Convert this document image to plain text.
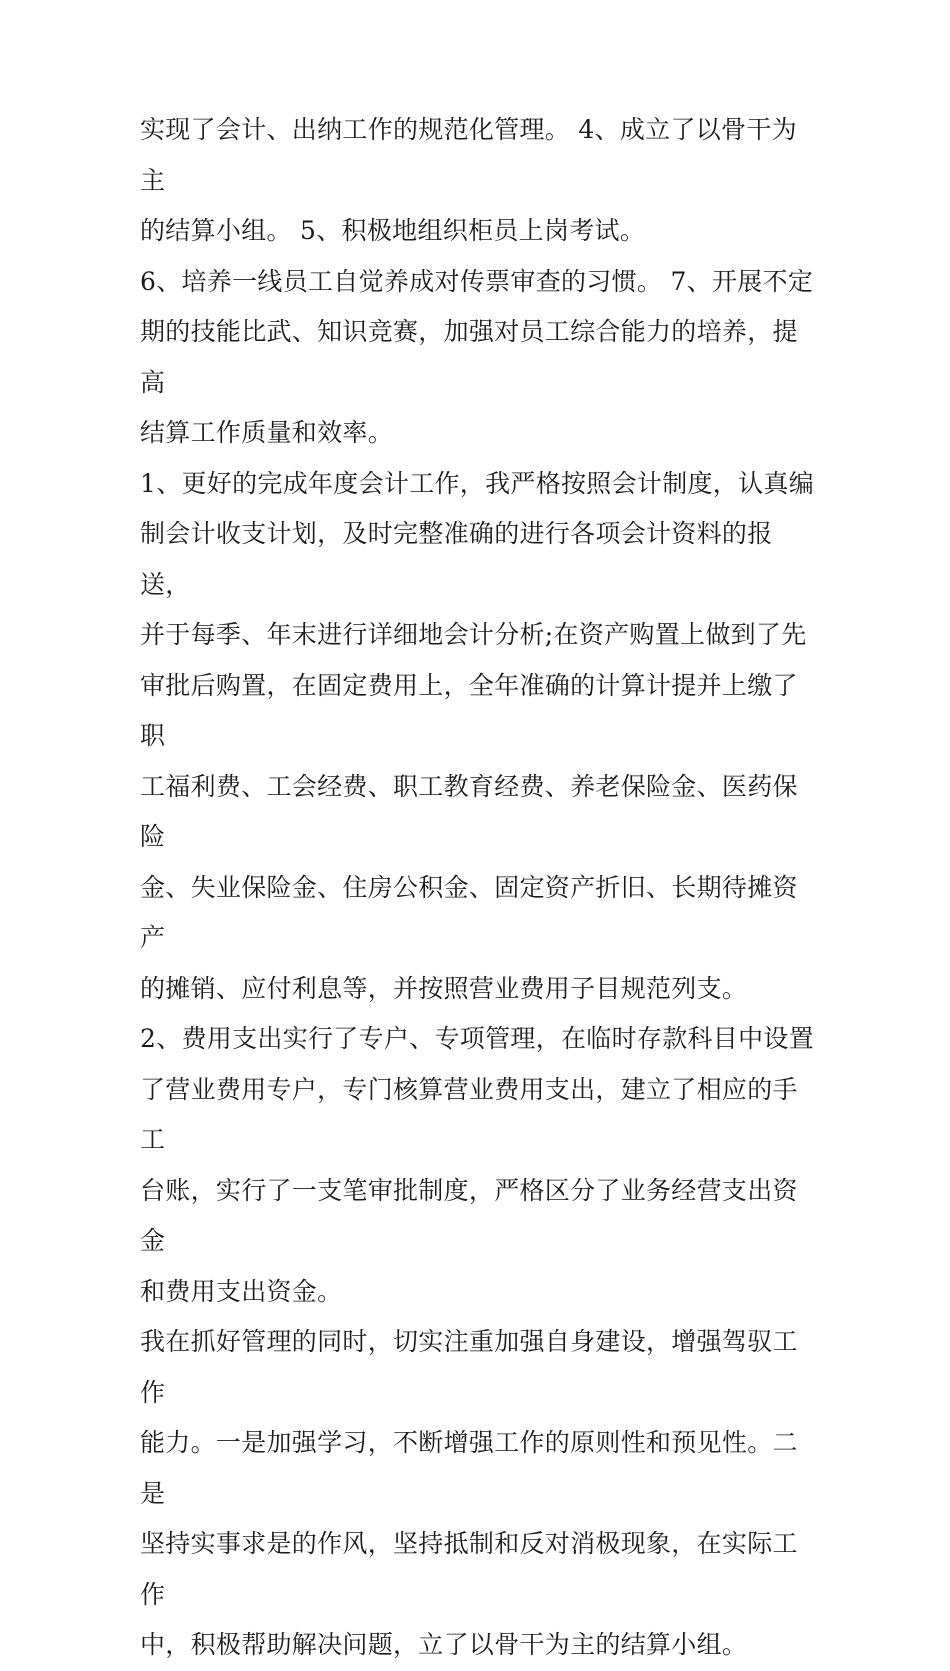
实现了会计、出纳工作的规范化管理。 4、成立了以骨干为主
的结算小组。 5、积极地组织柜员上岗考试。
6、培养一线员工自觉养成对传票审查的习惯。 7、开展不定
期的技能比武、知识竞赛，加强对员工综合能力的培养，提高
结算工作质量和效率。
1、更好的完成年度会计工作，我严格按照会计制度，认真编
制会计收支计划，及时完整准确的进行各项会计资料的报送，
并于每季、年末进行详细地会计分析;在资产购置上做到了先
审批后购置，在固定费用上，全年准确的计算计提并上缴了职
工福利费、工会经费、职工教育经费、养老保险金、医药保险
金、失业保险金、住房公积金、固定资产折旧、长期待摊资产
的摊销、应付利息等，并按照营业费用子目规范列支。
2、费用支出实行了专户、专项管理，在临时存款科目中设置
了营业费用专户，专门核算营业费用支出，建立了相应的手工
台账，实行了一支笔审批制度，严格区分了业务经营支出资金
和费用支出资金。
我在抓好管理的同时，切实注重加强自身建设，增强驾驭工作
能力。一是加强学习，不断增强工作的原则性和预见性。二是
坚持实事求是的作风，坚持抵制和反对消极现象，在实际工作
中，积极帮助解决问题，立了以骨干为主的结算小组。
